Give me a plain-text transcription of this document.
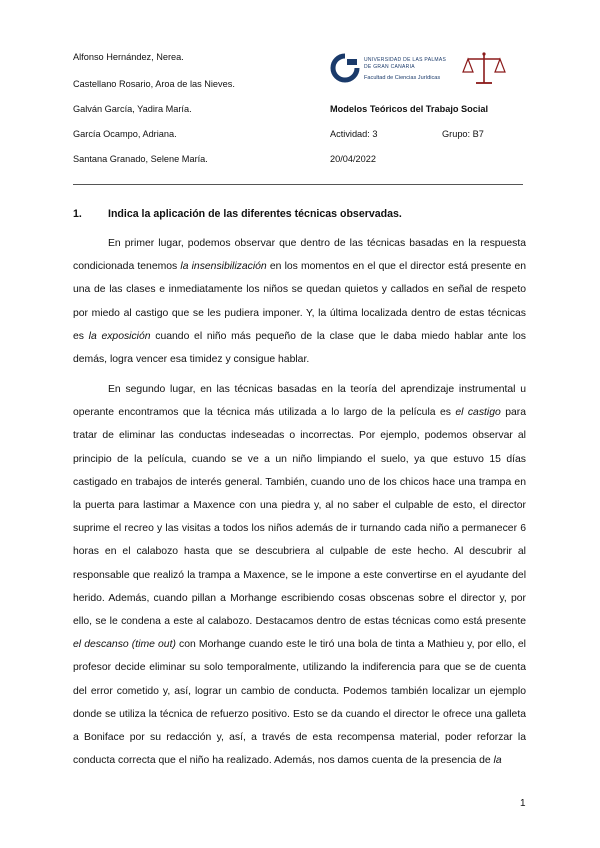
Alfonso Hernández, Nerea.
Castellano Rosario, Aroa de las Nieves.
Galván García, Yadira María.
García Ocampo, Adriana.
Santana Granado, Selene María.
UNIVERSIDAD DE LAS PALMAS
DE GRAN CANARIA
Facultad de Ciencias Jurídicas
Modelos Teóricos del Trabajo Social
Actividad: 3	Grupo: B7
20/04/2022
1. Indica la aplicación de las diferentes técnicas observadas.

En primer lugar, podemos observar que dentro de las técnicas basadas en la respuesta condicionada tenemos la insensibilización en los momentos en el que el director está presente en una de las clases e inmediatamente los niños se quedan quietos y callados en señal de respeto por miedo al castigo que se les pudiera imponer. Y, la última localizada dentro de estas técnicas es la exposición cuando el niño más pequeño de la clase que le daba miedo hablar ante los demás, logra vencer esa timidez y consigue hablar.

En segundo lugar, en las técnicas basadas en la teoría del aprendizaje instrumental u operante encontramos que la técnica más utilizada a lo largo de la película es el castigo para tratar de eliminar las conductas indeseadas o incorrectas. Por ejemplo, podemos observar al principio de la película, cuando se ve a un niño limpiando el suelo, ya que estuvo 15 días castigado en trabajos de interés general. También, cuando uno de los chicos hace una trampa en la puerta para lastimar a Maxence con una piedra y, al no saber el culpable de esto, el director suprime el recreo y las visitas a todos los niños además de ir turnando cada niño a permanecer 6 horas en el calabozo hasta que se descubriera al culpable de este hecho. Al descubrir al responsable que realizó la trampa a Maxence, se le impone a este convertirse en el ayudante del herido. Además, cuando pillan a Morhange escribiendo cosas obscenas sobre el director y, por ello, se le condena a este al calabozo. Destacamos dentro de estas técnicas como está presente el descanso (time out) con Morhange cuando este le tiró una bola de tinta a Mathieu y, por ello, el profesor decide eliminar su solo temporalmente, utilizando la indiferencia para que se de cuenta del error cometido y, así, lograr un cambio de conducta. Podemos también localizar un ejemplo donde se utiliza la técnica de refuerzo positivo. Esto se da cuando el director le ofrece una galleta a Boniface por su redacción y, así, a través de esta recompensa material, poder reforzar la conducta correcta que el niño ha realizado. Además, nos damos cuenta de la presencia de la

1
